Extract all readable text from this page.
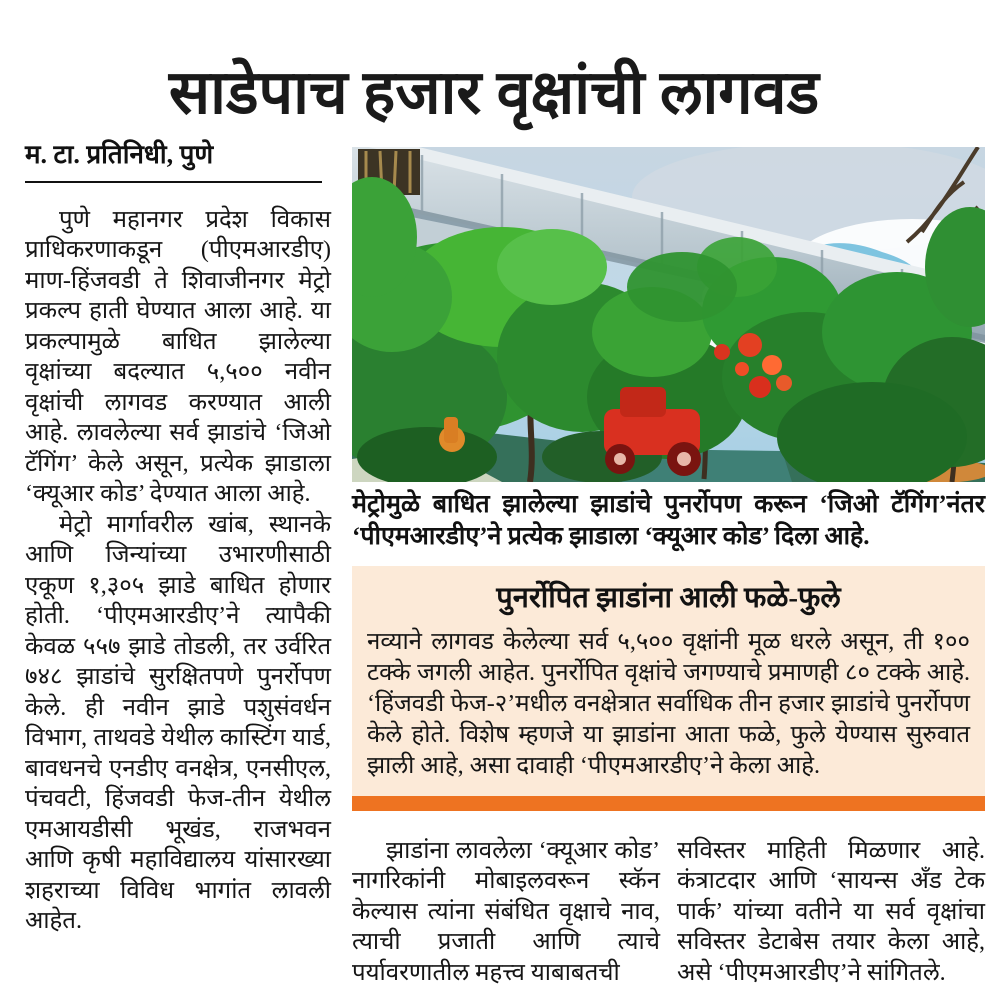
साडेपाच हजार वृक्षांची लागवड
म. टा. प्रतिनिधी, पुणे

पुणे महानगर प्रदेश विकास प्राधिकरणाकडून (पीएमआरडीए) माण-हिंजवडी ते शिवाजीनगर मेट्रो प्रकल्प हाती घेण्यात आला आहे. या प्रकल्पामुळे बाधित झालेल्या वृक्षांच्या बदल्यात ५,५०० नवीन वृक्षांची लागवड करण्यात आली आहे. लावलेल्या सर्व झाडांचे ‘जिओ टॅगिंग’ केले असून, प्रत्येक झाडाला ‘क्यूआर कोड’ देण्यात आला आहे.

मेट्रो मार्गावरील खांब, स्थानके आणि जिन्यांच्या उभारणीसाठी एकूण १,३०५ झाडे बाधित होणार होती. ‘पीएमआरडीए’ने त्यापैकी केवळ ५५७ झाडे तोडली, तर उर्वरित ७४८ झाडांचे सुरक्षितपणे पुनर्रोपण केले. ही नवीन झाडे पशुसंवर्धन विभाग, ताथवडे येथील कास्टिंग यार्ड, बावधनचे एनडीए वनक्षेत्र, एनसीएल, पंचवटी, हिंजवडी फेज-तीन येथील एमआयडीसी भूखंड, राजभवन आणि कृषी महाविद्यालय यांसारख्या शहराच्या विविध भागांत लावली आहेत.

मेट्रोमुळे बाधित झालेल्या झाडांचे पुनर्रोपण करून ‘जिओ टॅगिंग’नंतर ‘पीएमआरडीए’ने प्रत्येक झाडाला ‘क्यूआर कोड’ दिला आहे.

पुनर्रोपित झाडांना आली फळे-फुले

नव्याने लागवड केलेल्या सर्व ५,५०० वृक्षांनी मूळ धरले असून, ती १०० टक्के जगली आहेत. पुनर्रोपित वृक्षांचे जगण्याचे प्रमाणही ८० टक्के आहे. ‘हिंजवडी फेज-२’मधील वनक्षेत्रात सर्वाधिक तीन हजार झाडांचे पुनर्रोपण केले होते. विशेष म्हणजे या झाडांना आता फळे, फुले येण्यास सुरुवात झाली आहे, असा दावाही ‘पीएमआरडीए’ने केला आहे.

झाडांना लावलेला ‘क्यूआर कोड’ नागरिकांनी मोबाइलवरून स्कॅन केल्यास त्यांना संबंधित वृक्षाचे नाव, त्याची प्रजाती आणि त्याचे पर्यावरणातील महत्त्व याबाबतची

सविस्तर माहिती मिळणार आहे. कंत्राटदार आणि ‘सायन्स अँड टेक पार्क’ यांच्या वतीने या सर्व वृक्षांचा सविस्तर डेटाबेस तयार केला आहे, असे ‘पीएमआरडीए’ने सांगितले.
